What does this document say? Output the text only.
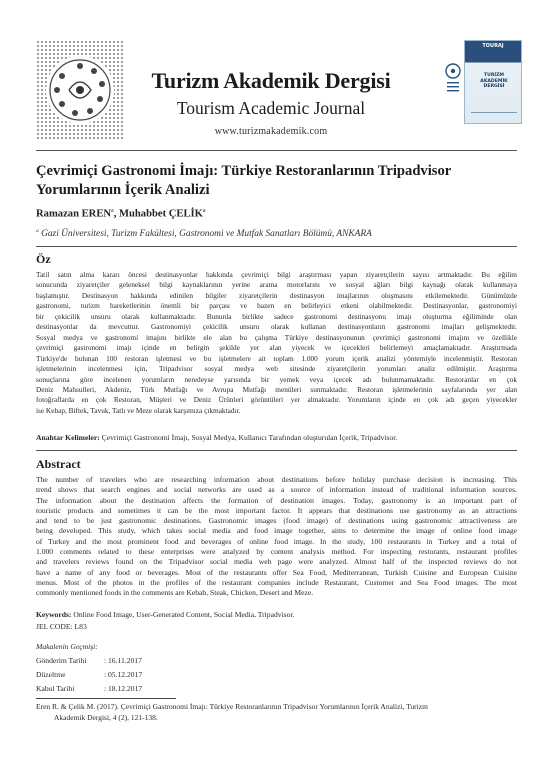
Turizm Akademik Dergisi
Tourism Academic Journal
www.turizmakademik.com
TOURAJ
TURİZM
AKADEMİK
DERGİSİ
Çevrimiçi Gastronomi İmajı: Türkiye Restoranlarının Tripadvisor
Yorumlarının İçerik Analizi
Ramazan EREN$^a$, Muhabbet ÇELİK$^a$
$^a$ Gazi Üniversitesi, Turizm Fakültesi, Gastronomi ve Mutfak Sanatları Bölümü, ANKARA
Öz
Tatil satın alma kararı öncesi destinasyonlar hakkında çevrimiçi bilgi araştırması yapan ziyaretçilerin sayısı artmaktadır. Bu eğilim
sonucunda ziyaretçiler geleneksel bilgi kaynaklarının yerine arama motorlarını ve sosyal ağları bilgi kaynağı olarak kullanmaya
başlamıştır. Destinasyon hakkında edinilen bilgiler ziyaretçilerin destinasyon imajlarının oluşmasını etkilemektedir. Günümüzde
gastronomi, turizm hareketlerinin önemli bir parçası ve bazen en belirleyici etkeni olabilmektedir. Destinasyonlar, gastronomiyi
bir çekicilik unsuru olarak kullanmaktadır. Bununla birlikte sadece gastronomi destinasyonu imajı oluşturma eğiliminde olan
destinasyonlar da mevcuttur. Gastronomiyi çekicilik unsuru olarak kullanan destinasyonların gastronomi imajları gelişmektedir.
Sosyal medya ve gastronomi imajını birlikte ele alan bu çalışma Türkiye destinasyonunun çevrimiçi gastronomi imajını ve özellikle
çevrimiçi gastronomi imajı içinde en belirgin şekilde yer alan yiyecek ve içecekleri belirlemeyi amaçlamaktadır. Araştırmada
Türkiye'de bulunan 100 restoran işletmesi ve bu işletmelere ait toplam 1.000 yorum içerik analizi yöntemiyle incelenmiştir. Restoran
işletmelerinin incelenmesi için, Tripadvisor sosyal medya web sitesinde ziyaretçilerin yorumları analiz edilmiştir. Araştırma
sonuçlarına göre incelenen yorumların neredeyse yarısında bir yemek veya içecek adı bulunmamaktadır. Restoranlar en çok
Deniz Mahsulleri, Akdeniz, Türk Mutfağı ve Avrupa Mutfağı menüleri sunmaktadır. Restoran işletmelerinin sayfalarında yer alan
fotoğraflarda en çok Restoran, Müşteri ve Deniz Ürünleri görüntüleri yer almaktadır. Yorumların içinde en çok adı geçen yiyecekler
ise Kebap, Biftek, Tavuk, Tatlı ve Meze olarak karşımıza çıkmaktadır.
Anahtar Kelimeler: Çevrimiçi Gastronomi İmajı, Sosyal Medya, Kullanıcı Tarafından oluşturulan İçerik, Tripadvisor.
Abstract
The number of travelers who are researching information about destinations before holiday purchase decision is increasing. This
trend shows that search engines and social networks are used as a source of information instead of traditional information sources.
The information about the destination affects the formation of destination images. Today, gastronomy is an important part of
touristic products and sometimes it can be the most important factor. It appears that destinations use gastronomy as an attractions
and tend to be just gastronomic destinations. Gastronomic images (food image) of destinations using gastronomic attractiveness are
being developed. This study, which takes social media and food image together, aims to determine the image of online food image
of Turkey and the most prominent food and beverages of online food image. In the study, 100 restaurants in Turkey and a total of
1.000 comments related to these enterprises were analyzed by content analysis method. For inspecting restorants, restaurant profiles
and travelers reviews found on the Tripadvisor social media web page were analyzed. Almost half of the inspected reviews do not
have a name of any food or beverages. Most of the restaurants offer Sea Food, Mediterranean, Turkish Cuisine and European Cuisine
menus. Most of the photos in the profiles of the restaurant companies include Restaurant, Customer and Sea Food images. The most
commonly mentioned foods in the comments are Kebab, Steak, Chicken, Desert and Meze.
Keywords: Online Food Image, User-Generated Content, Social Media, Tripadvisor.
JEL CODE: L83
Makalenin Geçmişi:
Gönderim Tarihi : 16.11.2017
Düzeltme	: 05.12.2017
Kabul Tarihi	: 18.12.2017
Eren R. & Çelik M. (2017). Çevrimiçi Gastronomi İmajı: Türkiye Restoranlarının Tripadvisor Yorumlarının İçerik Analizi, Turizm
Akademik Dergisi, 4 (2), 121-138.
